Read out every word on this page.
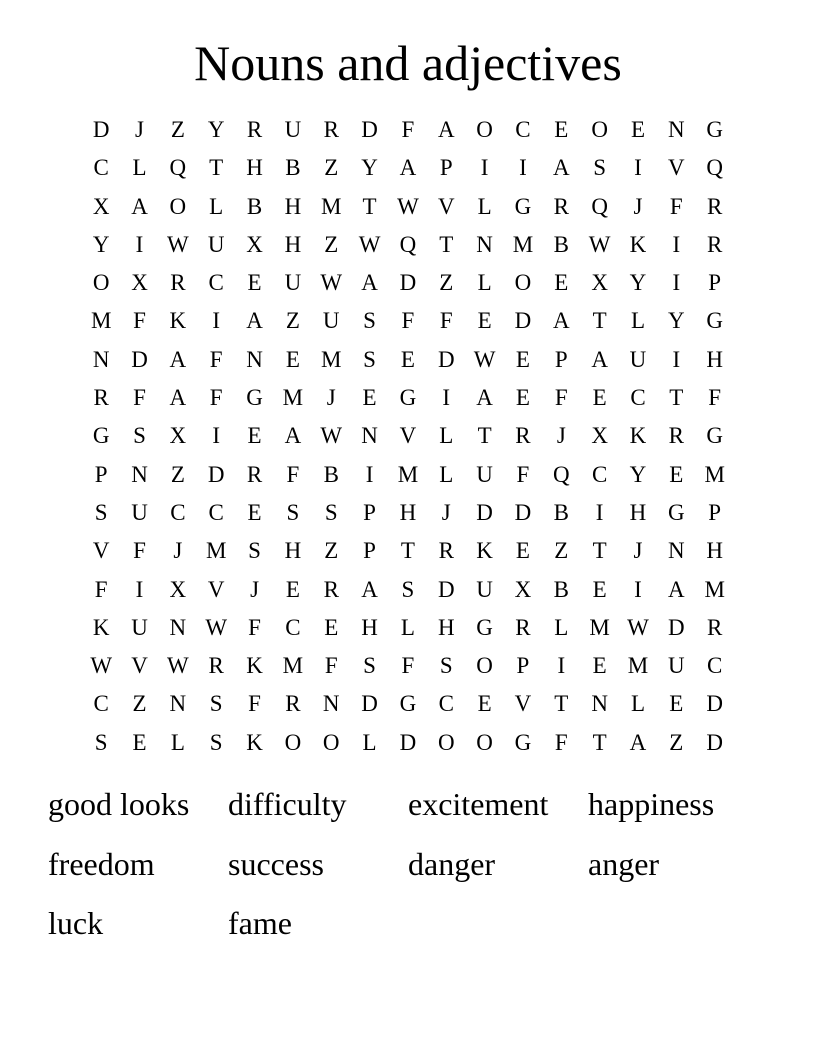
Nouns and adjectives
D	J	Z	Y R U R D	F	A O C	E	O	E	N G
C	L	Q	T	H B	Z	Y A	P	I	I	A	S	I	V Q
X A O	L	B H M T W V	L	G R Q	J	F	R
Y	I	W U X H	Z W Q	T	N M B W K	I	R
O X R	C	E	U W A D	Z	L	O	E	X Y	I	P
M F	K	I	A	Z	U	S	F	F	E	D A	T	L	Y G
N D A	F	N	E M S	E	D W E	P	A U	I	H
R	F	A	F	G M	J	E	G	I	A	E	F	E	C	T	F
G	S	X	I	E	A W N V	L	T	R	J	X K R G
P	N	Z	D R	F	B	I	M L	U	F	Q C Y	E M
S	U C	C	E	S	S	P	H	J	D D B	I	H G	P
V	F	J	M S	H	Z	P	T	R K	E	Z	T	J	N H
F	I	X V	J	E	R A	S	D U X B	E	I	A M
K U N W F	C	E	H	L	H G R	L M W D R
W V W R K M F	S	F	S	O	P	I	E M U C
C	Z	N	S	F	R N D G C	E	V	T	N	L	E	D
S	E	L	S	K O O	L	D O O G	F	T	A	Z	D
good looks	difficulty	excitement	happiness
freedom	success	danger	anger
luck	fame
